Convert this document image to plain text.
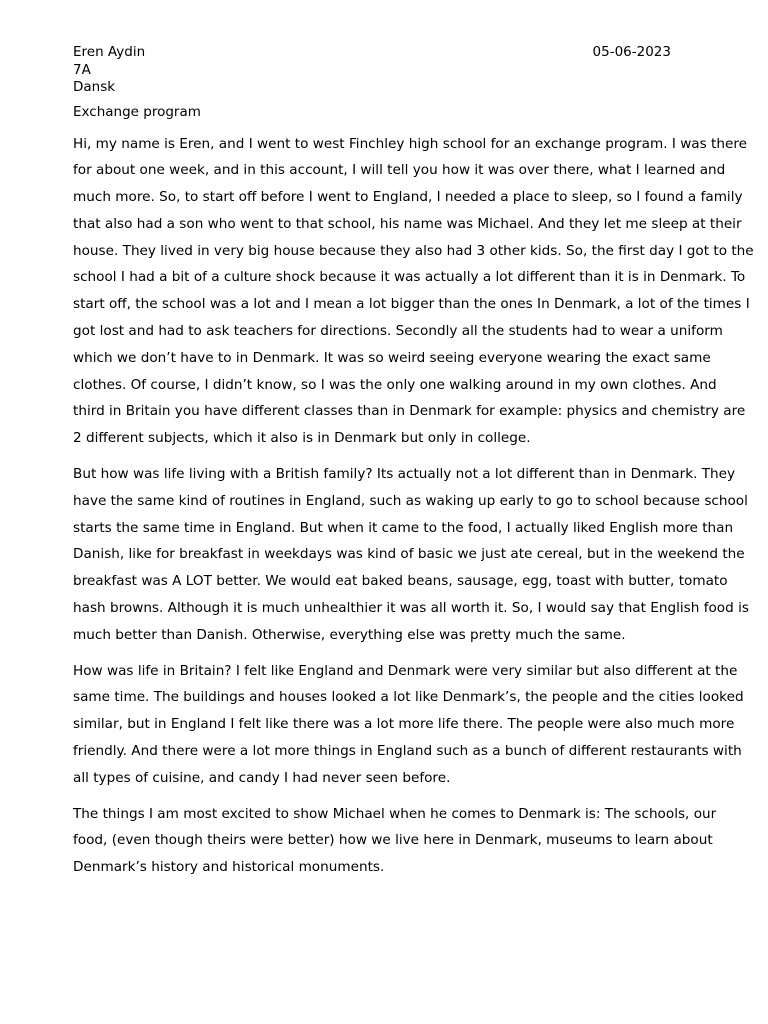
Eren Aydin	05-06-2023
7A
Dansk
Exchange program

Hi, my name is Eren, and I went to west Finchley high school for an exchange program. I was there
for about one week, and in this account, I will tell you how it was over there, what I learned and
much more. So, to start off before I went to England, I needed a place to sleep, so I found a family
that also had a son who went to that school, his name was Michael. And they let me sleep at their
house. They lived in very big house because they also had 3 other kids. So, the first day I got to the
school I had a bit of a culture shock because it was actually a lot different than it is in Denmark. To
start off, the school was a lot and I mean a lot bigger than the ones In Denmark, a lot of the times I
got lost and had to ask teachers for directions. Secondly all the students had to wear a uniform
which we don’t have to in Denmark. It was so weird seeing everyone wearing the exact same
clothes. Of course, I didn’t know, so I was the only one walking around in my own clothes. And
third in Britain you have different classes than in Denmark for example: physics and chemistry are
2 different subjects, which it also is in Denmark but only in college.

But how was life living with a British family? Its actually not a lot different than in Denmark. They
have the same kind of routines in England, such as waking up early to go to school because school
starts the same time in England. But when it came to the food, I actually liked English more than
Danish, like for breakfast in weekdays was kind of basic we just ate cereal, but in the weekend the
breakfast was A LOT better. We would eat baked beans, sausage, egg, toast with butter, tomato
hash browns. Although it is much unhealthier it was all worth it. So, I would say that English food is
much better than Danish. Otherwise, everything else was pretty much the same.

How was life in Britain? I felt like England and Denmark were very similar but also different at the
same time. The buildings and houses looked a lot like Denmark’s, the people and the cities looked
similar, but in England I felt like there was a lot more life there. The people were also much more
friendly. And there were a lot more things in England such as a bunch of different restaurants with
all types of cuisine, and candy I had never seen before.

The things I am most excited to show Michael when he comes to Denmark is: The schools, our
food, (even though theirs were better) how we live here in Denmark, museums to learn about
Denmark’s history and historical monuments.
